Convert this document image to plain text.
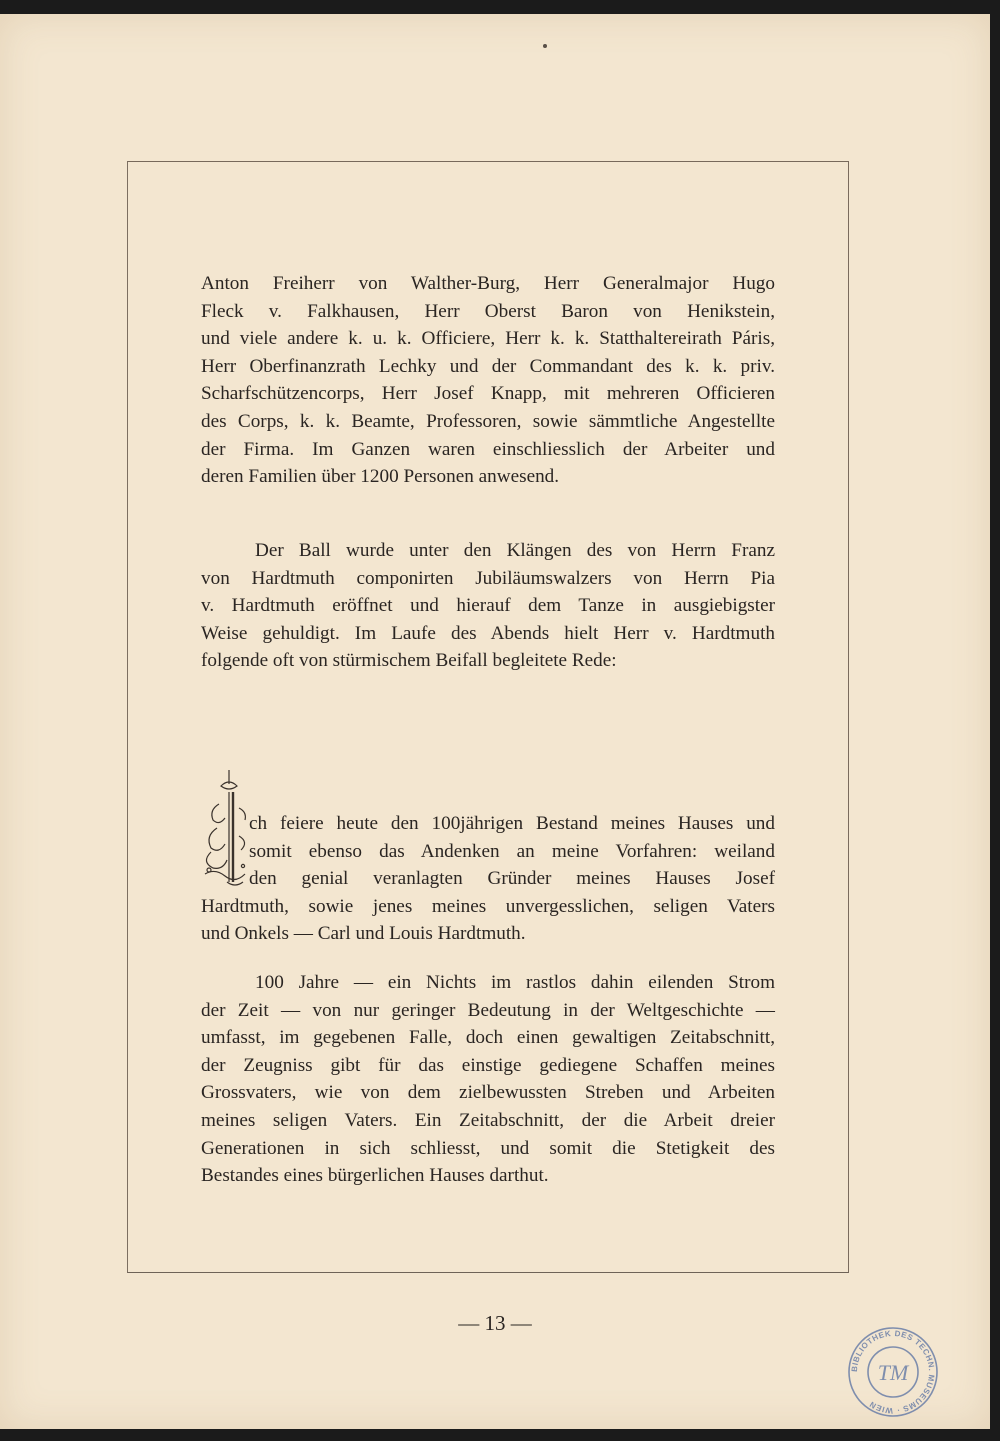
Anton Freiherr von Walther-Burg, Herr Generalmajor Hugo
Fleck v. Falkhausen, Herr Oberst Baron von Henikstein,
und viele andere k. u. k. Officiere, Herr k. k. Statthaltereirath Páris,
Herr Oberfinanzrath Lechky und der Commandant des k. k. priv.
Scharfschützencorps, Herr Josef Knapp, mit mehreren Officieren
des Corps, k. k. Beamte, Professoren, sowie sämmtliche Angestellte
der Firma. Im Ganzen waren einschliesslich der Arbeiter und
deren Familien über 1200 Personen anwesend.
Der Ball wurde unter den Klängen des von Herrn Franz
von Hardtmuth componirten Jubiläumswalzers von Herrn Pia
v. Hardtmuth eröffnet und hierauf dem Tanze in ausgiebigster
Weise gehuldigt. Im Laufe des Abends hielt Herr v. Hardtmuth
folgende oft von stürmischem Beifall begleitete Rede:
ch feiere heute den 100jährigen Bestand meines Hauses und
somit ebenso das Andenken an meine Vorfahren: weiland
den genial veranlagten Gründer meines Hauses Josef
Hardtmuth, sowie jenes meines unvergesslichen, seligen Vaters
und Onkels — Carl und Louis Hardtmuth.
100 Jahre — ein Nichts im rastlos dahin eilenden Strom
der Zeit — von nur geringer Bedeutung in der Weltgeschichte —
umfasst, im gegebenen Falle, doch einen gewaltigen Zeitabschnitt,
der Zeugniss gibt für das einstige gediegene Schaffen meines
Grossvaters, wie von dem zielbewussten Streben und Arbeiten
meines seligen Vaters. Ein Zeitabschnitt, der die Arbeit dreier
Generationen in sich schliesst, und somit die Stetigkeit des
Bestandes eines bürgerlichen Hauses darthut.
— 13 —
BIBLIOTHEK DES TECHN. MUSEUMS · WIEN
TM
